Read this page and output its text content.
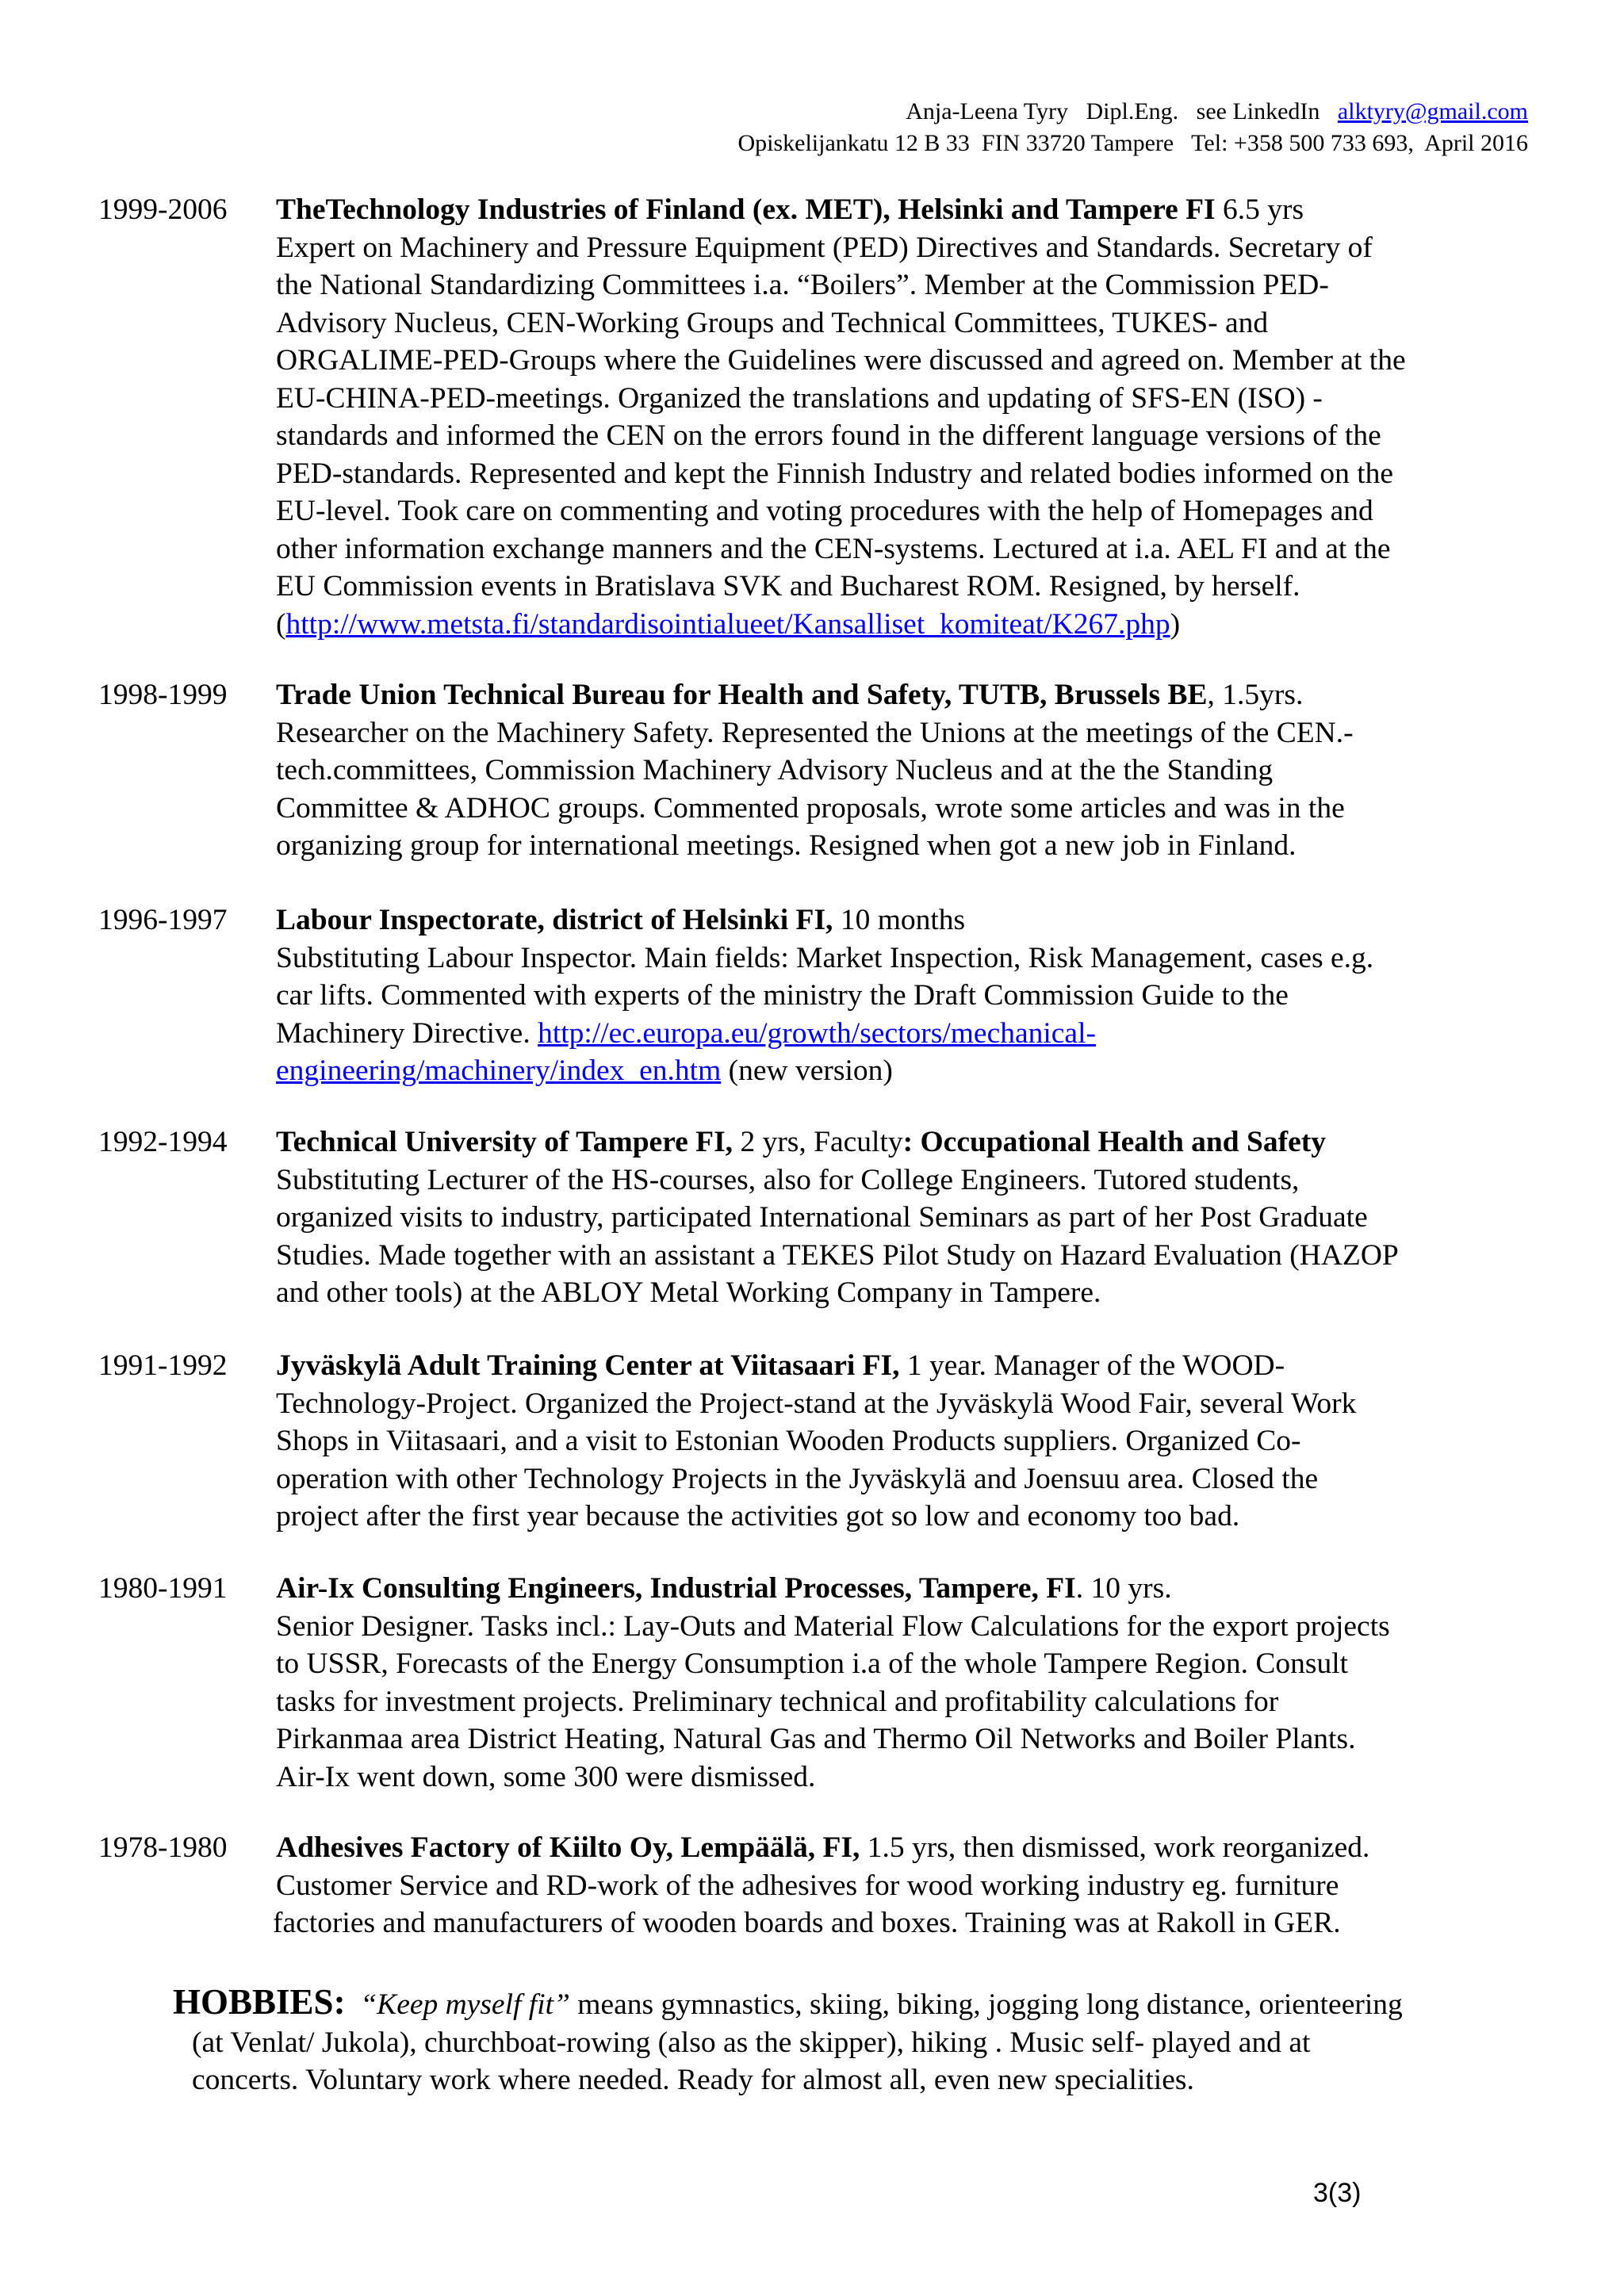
Anja-Leena Tyry   Dipl.Eng.   see LinkedIn   alktyry@gmail.com
Opiskelijankatu 12 B 33  FIN 33720 Tampere   Tel: +358 500 733 693,  April 2016
1999-2006	TheTechnology Industries of Finland (ex. MET), Helsinki and Tampere FI 6.5 yrs

Expert on Machinery and Pressure Equipment (PED) Directives and Standards. Secretary of

the National Standardizing Committees i.a. “Boilers”. Member at the Commission PED-

Advisory Nucleus, CEN-Working Groups and Technical Committees, TUKES- and

ORGALIME-PED-Groups where the Guidelines were discussed and agreed on. Member at the

EU-CHINA-PED-meetings. Organized the translations and updating of SFS-EN (ISO) -

standards and informed the CEN on the errors found in the different language versions of the

PED-standards. Represented and kept the Finnish Industry and related bodies informed on the

EU-level. Took care on commenting and voting procedures with the help of Homepages and

other information exchange manners and the CEN-systems. Lectured at i.a. AEL FI and at the

EU Commission events in Bratislava SVK and Bucharest ROM. Resigned, by herself.

(http://www.metsta.fi/standardisointialueet/Kansalliset_komiteat/K267.php)

1998-1999	Trade Union Technical Bureau for Health and Safety, TUTB, Brussels BE, 1.5yrs.

Researcher on the Machinery Safety. Represented the Unions at the meetings of the CEN.-

tech.committees, Commission Machinery Advisory Nucleus and at the the Standing

Committee & ADHOC groups. Commented proposals, wrote some articles and was in the

organizing group for international meetings. Resigned when got a new job in Finland.

1996-1997	Labour Inspectorate, district of Helsinki FI, 10 months

Substituting Labour Inspector. Main fields: Market Inspection, Risk Management, cases e.g.

car lifts. Commented with experts of the ministry the Draft Commission Guide to the

Machinery Directive. http://ec.europa.eu/growth/sectors/mechanical-

engineering/machinery/index_en.htm (new version)

1992-1994	Technical University of Tampere FI, 2 yrs, Faculty: Occupational Health and Safety

Substituting Lecturer of the HS-courses, also for College Engineers. Tutored students,

organized visits to industry, participated International Seminars as part of her Post Graduate

Studies. Made together with an assistant a TEKES Pilot Study on Hazard Evaluation (HAZOP

and other tools) at the ABLOY Metal Working Company in Tampere.

1991-1992	Jyväskylä Adult Training Center at Viitasaari FI, 1 year. Manager of the WOOD-

Technology-Project. Organized the Project-stand at the Jyväskylä Wood Fair, several Work

Shops in Viitasaari, and a visit to Estonian Wooden Products suppliers. Organized Co-

operation with other Technology Projects in the Jyväskylä and Joensuu area. Closed the

project after the first year because the activities got so low and economy too bad.

1980-1991	Air-Ix Consulting Engineers, Industrial Processes, Tampere, FI. 10 yrs.

Senior Designer. Tasks incl.: Lay-Outs and Material Flow Calculations for the export projects

to USSR, Forecasts of the Energy Consumption i.a of the whole Tampere Region. Consult

tasks for investment projects. Preliminary technical and profitability calculations for

Pirkanmaa area District Heating, Natural Gas and Thermo Oil Networks and Boiler Plants.

Air-Ix went down, some 300 were dismissed.

1978-1980	Adhesives Factory of Kiilto Oy, Lempäälä, FI, 1.5 yrs, then dismissed, work reorganized.

Customer Service and RD-work of the adhesives for wood working industry eg. furniture

factories and manufacturers of wooden boards and boxes. Training was at Rakoll in GER.

HOBBIES: “Keep myself fit” means gymnastics, skiing, biking, jogging long distance, orienteering

(at Venlat/ Jukola), churchboat-rowing (also as the skipper), hiking . Music self- played and at

concerts. Voluntary work where needed. Ready for almost all, even new specialities.

3(3)
